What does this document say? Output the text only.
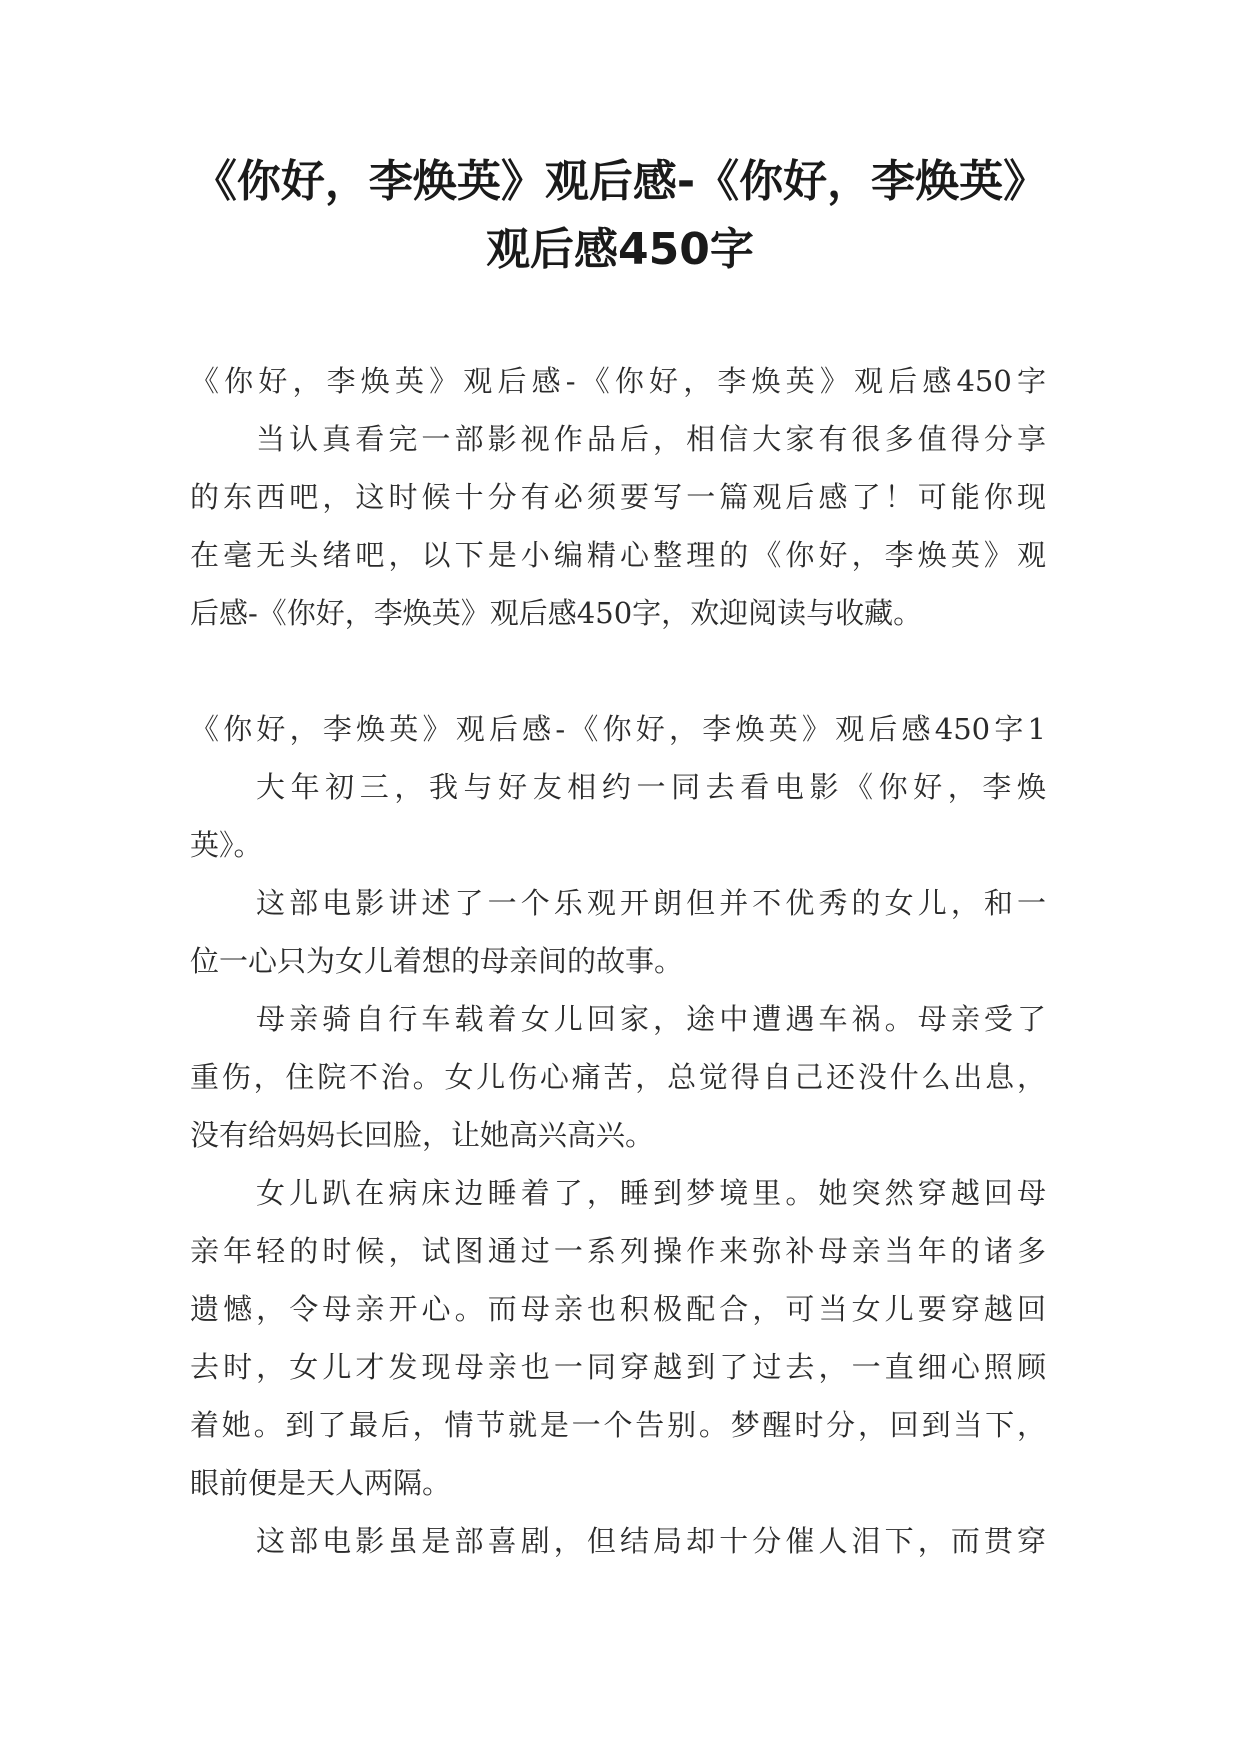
《你好，李焕英》观后感-《你好，李焕英》
观后感450字
《你好，李焕英》观后感-《你好，李焕英》观后感450字
当认真看完一部影视作品后，相信大家有很多值得分享
的东西吧，这时候十分有必须要写一篇观后感了！可能你现
在毫无头绪吧，以下是小编精心整理的《你好，李焕英》观
后感-《你好，李焕英》观后感450字，欢迎阅读与收藏。
《你好，李焕英》观后感-《你好，李焕英》观后感450字1
大年初三，我与好友相约一同去看电影《你好，李焕
英》。
这部电影讲述了一个乐观开朗但并不优秀的女儿，和一
位一心只为女儿着想的母亲间的故事。
母亲骑自行车载着女儿回家，途中遭遇车祸。母亲受了
重伤，住院不治。女儿伤心痛苦，总觉得自己还没什么出息，
没有给妈妈长回脸，让她高兴高兴。
女儿趴在病床边睡着了，睡到梦境里。她突然穿越回母
亲年轻的时候，试图通过一系列操作来弥补母亲当年的诸多
遗憾，令母亲开心。而母亲也积极配合，可当女儿要穿越回
去时，女儿才发现母亲也一同穿越到了过去，一直细心照顾
着她。到了最后，情节就是一个告别。梦醒时分，回到当下，
眼前便是天人两隔。
这部电影虽是部喜剧，但结局却十分催人泪下，而贯穿
